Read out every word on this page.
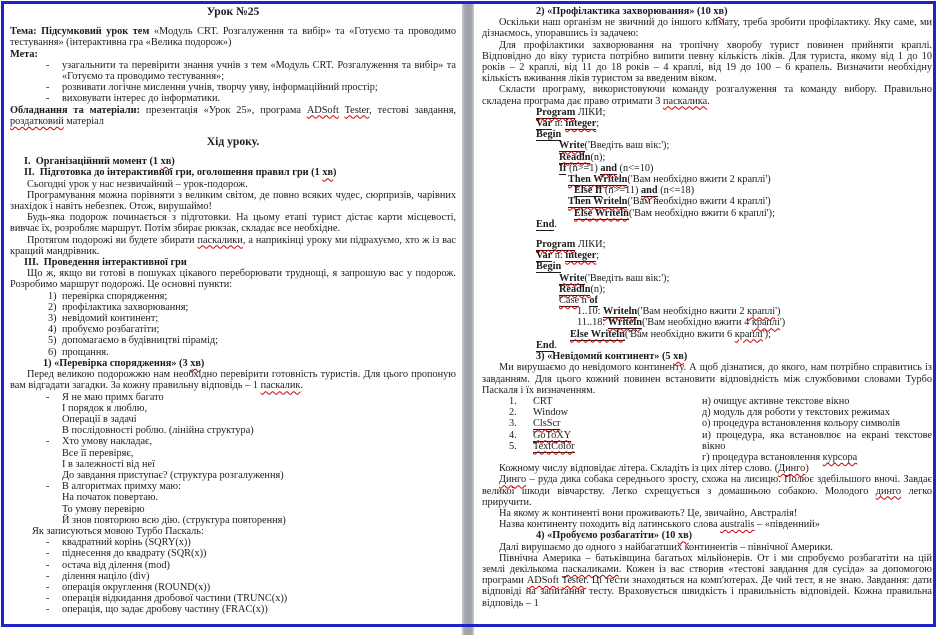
Урок №25
Тема: Підсумковий урок тем «Модуль CRT. Розгалуження та вибір» та «Готуємо та проводимо тестування» (інтерактивна гра «Велика подорож»)
Мета:
- узагальнити та перевірити знання учнів з тем «Модуль CRT. Розгалуження та вибір» та «Готуємо та проводимо тестування»;
- розвивати логічне мислення учнів, творчу уяву, інформаційний простір;
- виховувати інтерес до інформатики.
Обладнання та матеріали: презентація «Урок 25», програма ADSoft Tester, тестові завдання, роздатковий матеріал
Хід уроку.
I. Організаційний момент (1 хв)
II. Підготовка до інтерактивної гри, оголошення правил гри (1 хв)
Сьогодні урок у нас незвичайний – урок-подорож.
Програмування можна порівняти з великим світом, де повно всяких чудес, сюрпризів, чарівних знахідок і навіть небезпек. Отож, вирушаймо!
Будь-яка подорож починається з підготовки. На цьому етапі турист дістає карти місцевості, вивчає їх, розробляє маршрут. Потім збирає рюкзак, складає все необхідне.
Протягом подорожі ви будете збирати паскалики, а наприкінці уроку ми підрахуємо, хто ж із вас кращий мандрівник.
III. Проведення інтерактивної гри
Що ж, якщо ви готові в пошуках цікавого переборювати труднощі, я запрошую вас у подорож. Розробимо маршрут подорожі. Це основні пункти:
1) перевірка спорядження;
2) профілактика захворювання;
3) невідомий континент;
4) пробуємо розбагатіти;
5) допомагаємо в будівництві пірамід;
6) прощання.
1) «Перевірка спорядження» (3 хв)
Перед великою подорожжю нам необхідно перевірити готовність туристів. Для цього пропоную вам відгадати загадки. За кожну правильну відповідь – 1 паскалик.
- Я не маю примх багато
І порядок я люблю,
Операції в задачі
В послідовності роблю. (лінійна структура)
- Хто умову накладає,
Все її перевіряє,
І в залежності від неї
До завдання приступає? (структура розгалуження)
- В алгоритмах примху маю:
На початок повертаю.
То умову перевірю
Й знов повторюю всю дію. (структура повторення)
Як записуються мовою Турбо Паскаль:
- квадратний корінь (SQRY(x))
- піднесення до квадрату (SQR(x))
- остача від ділення (mod)
- ділення націло (div)
- операція округлення (ROUND(x))
- операція відкидання дробової частини (TRUNC(x))
- операція, що задає дробову частину (FRAC(x))
2) «Профілактика захворювання» (10 хв)
Оскільки наш організм не звичний до іншого клімату, треба зробити профілактику. Яку саме, ми дізнаємось, упоравшись із задачею:
Для профілактики захворювання на тропічну хворобу турист повинен прийняти краплі. Відповідно до віку туриста потрібно випити певну кількість ліків. Для туриста, якому від 1 до 10 років – 2 краплі, від 11 до 18 років – 4 краплі, від 19 до 100 – 6 крапель. Визначити необхідну кількість вживання ліків туристом за введеним віком.
Скласти програму, використовуючи команду розгалуження та команду вибору. Правильно складена програма дає право отримати 3 паскалика.
Program ЛІКИ;
Var n: integer;
Begin
Write('Введіть ваш вік:');
Readln(n);
If (n>=1) and (n<=10)
Then Writeln('Вам необхідно вжити 2 краплі')
Else If (n>=11) and (n<=18)
Then Writeln('Вам необхідно вжити 4 краплі')
Else Writeln('Вам необхідно вжити 6 краплі');
End.
Program ЛІКИ;
Var n: integer;
Begin
Write('Введіть ваш вік:');
Readln(n);
Case n of
1..10: Writeln('Вам необхідно вжити 2 краплі')
11..18: Writeln('Вам необхідно вжити 4 краплі')
Else Writeln('Вам необхідно вжити 6 краплі');
End.
3) «Невідомий континент» (5 хв)
Ми вирушаємо до невідомого континенту. А щоб дізнатися, до якого, нам потрібно справитись із завданням. Для цього кожний повинен встановити відповідність між службовими словами Турбо Паскаля і їх визначенням.
1. CRT
2. Window
3. ClsScr
4. GoToXY
5. TextColor
н) очищує активне текстове вікно
д) модуль для роботи у текстових режимах
о) процедура встановлення кольору символів
и) процедура, яка встановлює на екрані текстове вікно
г) процедура встановлення курсора
Кожному числу відповідає літера. Складіть із цих літер слово. (Динго)
Динго – руда дика собака середнього зросту, схожа на лисицю. Полює здебільшого вночі. Завдає великої шкоди вівчарству. Легко схрещується з домашньою собакою. Молодого динго легко приручити.
На якому ж континенті вони проживають? Це, звичайно, Австралія!
Назва континенту походить від латинського слова australis – «південний»
4) «Пробуємо розбагатіти» (10 хв)
Далі вирушаємо до одного з найбагатших континентів – північної Америки.
Північна Америка – батьківщина багатьох мільйонерів. От і ми спробуємо розбагатіти на цій землі декількома паскаликами. Кожен із вас створив «тестові завдання для сусіда» за допомогою програми ADSoft Tester. Ці тести знаходяться на комп'ютерах. Де чий тест, я не знаю. Завдання: дати відповіді на запитання тесту. Враховується швидкість і правильність відповідей. Кожна правильна відповідь – 1
